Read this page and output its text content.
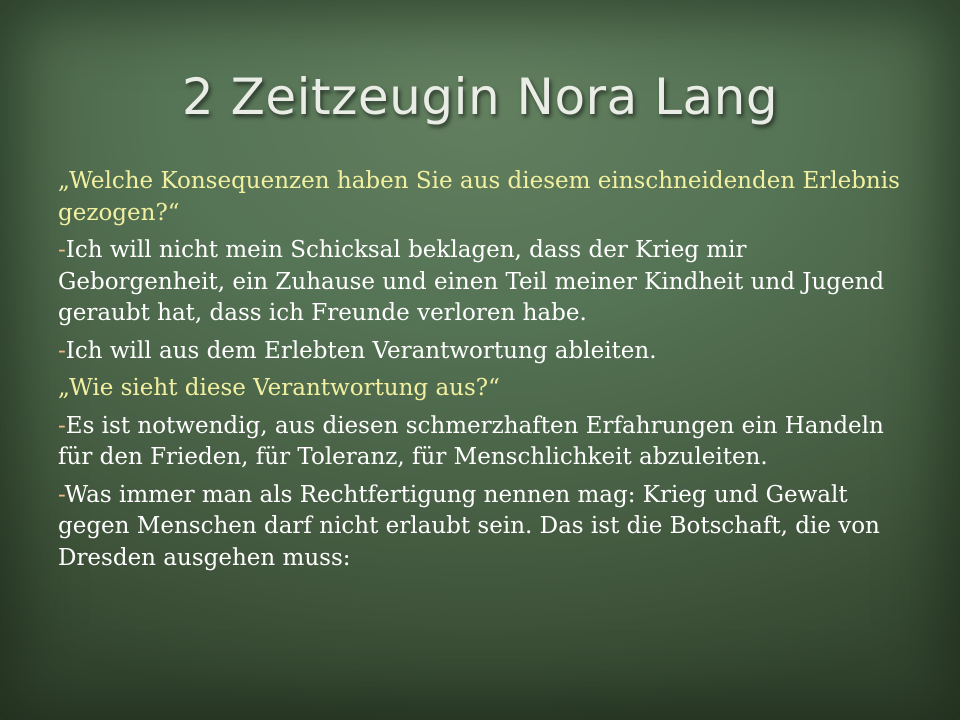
2 Zeitzeugin Nora Lang

„Welche Konsequenzen haben Sie aus diesem einschneidenden Erlebnis gezogen?“

-Ich will nicht mein Schicksal beklagen, dass der Krieg mir Geborgenheit, ein Zuhause und einen Teil meiner Kindheit und Jugend geraubt hat, dass ich Freunde verloren habe.

-Ich will aus dem Erlebten Verantwortung ableiten.

„Wie sieht diese Verantwortung aus?“

-Es ist notwendig, aus diesen schmerzhaften Erfahrungen ein Handeln für den Frieden, für Toleranz, für Menschlichkeit abzuleiten.

-Was immer man als Rechtfertigung nennen mag: Krieg und Gewalt gegen Menschen darf nicht erlaubt sein. Das ist die Botschaft, die von Dresden ausgehen muss:
